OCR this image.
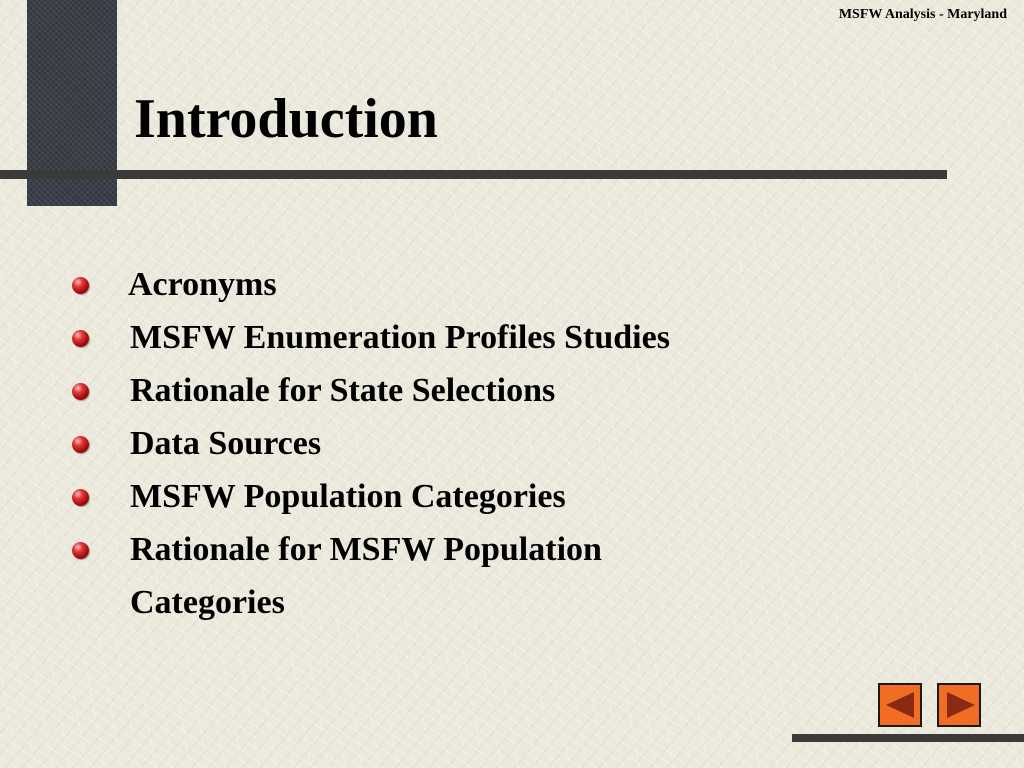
MSFW Analysis - Maryland
Introduction
Acronyms
MSFW Enumeration Profiles Studies
Rationale for State Selections
Data Sources
MSFW Population Categories
Rationale for MSFW Population Categories
